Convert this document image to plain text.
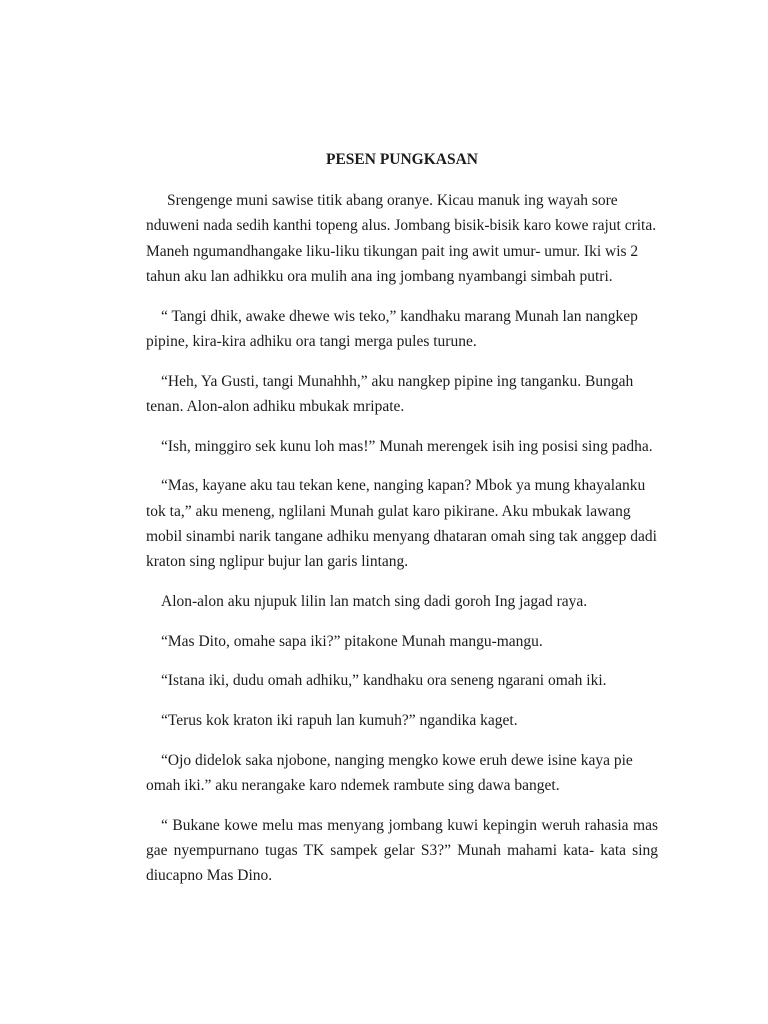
PESEN PUNGKASAN
Srengenge muni sawise titik abang oranye. Kicau manuk ing wayah sore
nduweni nada sedih kanthi topeng alus. Jombang bisik-bisik karo kowe rajut crita.
Maneh ngumandhangake liku-liku tikungan pait ing awit umur- umur. Iki wis 2
tahun aku lan adhikku ora mulih ana ing jombang nyambangi simbah putri.
“ Tangi dhik, awake dhewe wis teko,” kandhaku marang Munah lan nangkep
pipine, kira-kira adhiku ora tangi merga pules turune.
“Heh, Ya Gusti, tangi Munahhh,” aku nangkep pipine ing tanganku. Bungah
tenan. Alon-alon adhiku mbukak mripate.
“Ish, minggiro sek kunu loh mas!” Munah merengek isih ing posisi sing padha.
“Mas, kayane aku tau tekan kene, nanging kapan? Mbok ya mung khayalanku
tok ta,” aku meneng, nglilani Munah gulat karo pikirane. Aku mbukak lawang
mobil sinambi narik tangane adhiku menyang dhataran omah sing tak anggep dadi
kraton sing nglipur bujur lan garis lintang.
Alon-alon aku njupuk lilin lan match sing dadi goroh Ing jagad raya.
“Mas Dito, omahe sapa iki?” pitakone Munah mangu-mangu.
“Istana iki, dudu omah adhiku,” kandhaku ora seneng ngarani omah iki.
“Terus kok kraton iki rapuh lan kumuh?” ngandika kaget.
“Ojo didelok saka njobone, nanging mengko kowe eruh dewe isine kaya pie
omah iki.” aku nerangake karo ndemek rambute sing dawa banget.
“ Bukane kowe melu mas menyang jombang kuwi kepingin weruh rahasia mas
gae nyempurnano tugas TK sampek gelar S3?” Munah mahami kata- kata sing
diucapno Mas Dino.
